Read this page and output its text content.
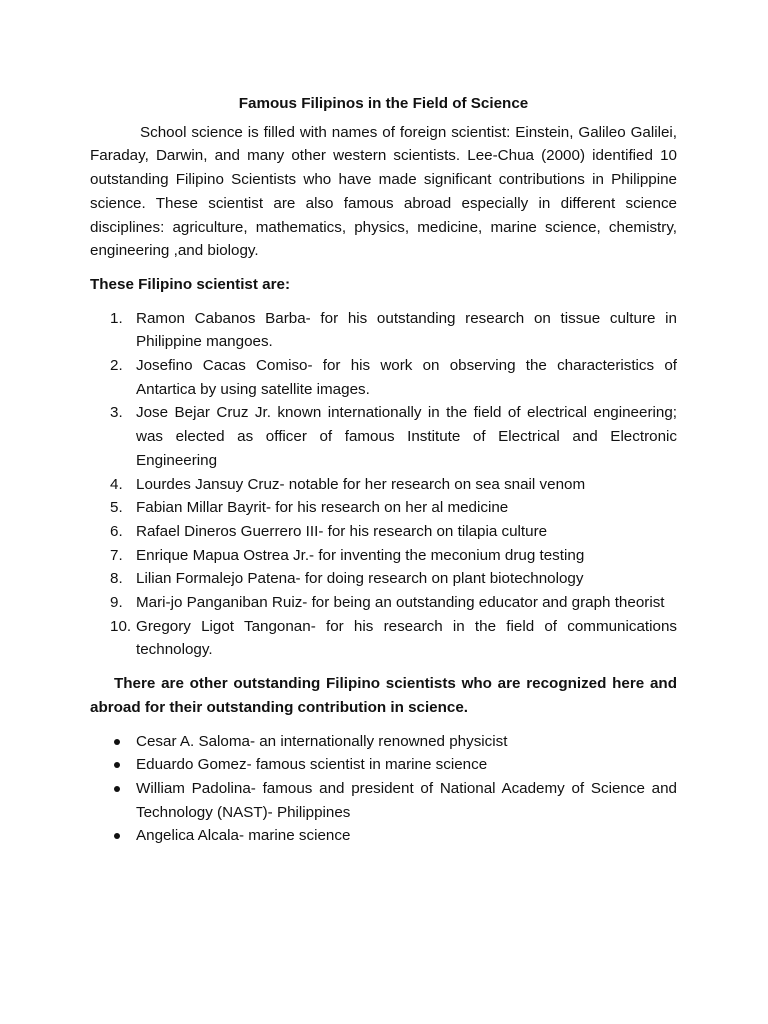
Famous Filipinos in the Field of Science

School science is filled with names of foreign scientist: Einstein, Galileo Galilei, Faraday, Darwin, and many other western scientists. Lee-Chua (2000) identified 10 outstanding Filipino Scientists who have made significant contributions in Philippine science. These scientist are also famous abroad especially in different science disciplines: agriculture, mathematics, physics, medicine, marine science, chemistry, engineering ,and biology.

These Filipino scientist are:

1. Ramon Cabanos Barba- for his outstanding research on tissue culture in Philippine mangoes.
2. Josefino Cacas Comiso- for his work on observing the characteristics of Antartica by using satellite images.
3. Jose Bejar Cruz Jr. known internationally in the field of electrical engineering; was elected as officer of famous Institute of Electrical and Electronic Engineering
4. Lourdes Jansuy Cruz- notable for her research on sea snail venom
5. Fabian Millar Bayrit- for his research on her al medicine
6. Rafael Dineros Guerrero III- for his research on tilapia culture
7. Enrique Mapua Ostrea Jr.- for inventing the meconium drug testing
8. Lilian Formalejo Patena- for doing research on plant biotechnology
9. Mari-jo Panganiban Ruiz- for being an outstanding educator and graph theorist
10. Gregory Ligot Tangonan- for his research in the field of communications technology.

There are other outstanding Filipino scientists who are recognized here and abroad for their outstanding contribution in science.

Cesar A. Saloma- an internationally renowned physicist
Eduardo Gomez- famous scientist in marine science
William Padolina- famous and president of National Academy of Science and Technology (NAST)- Philippines
Angelica Alcala- marine science
